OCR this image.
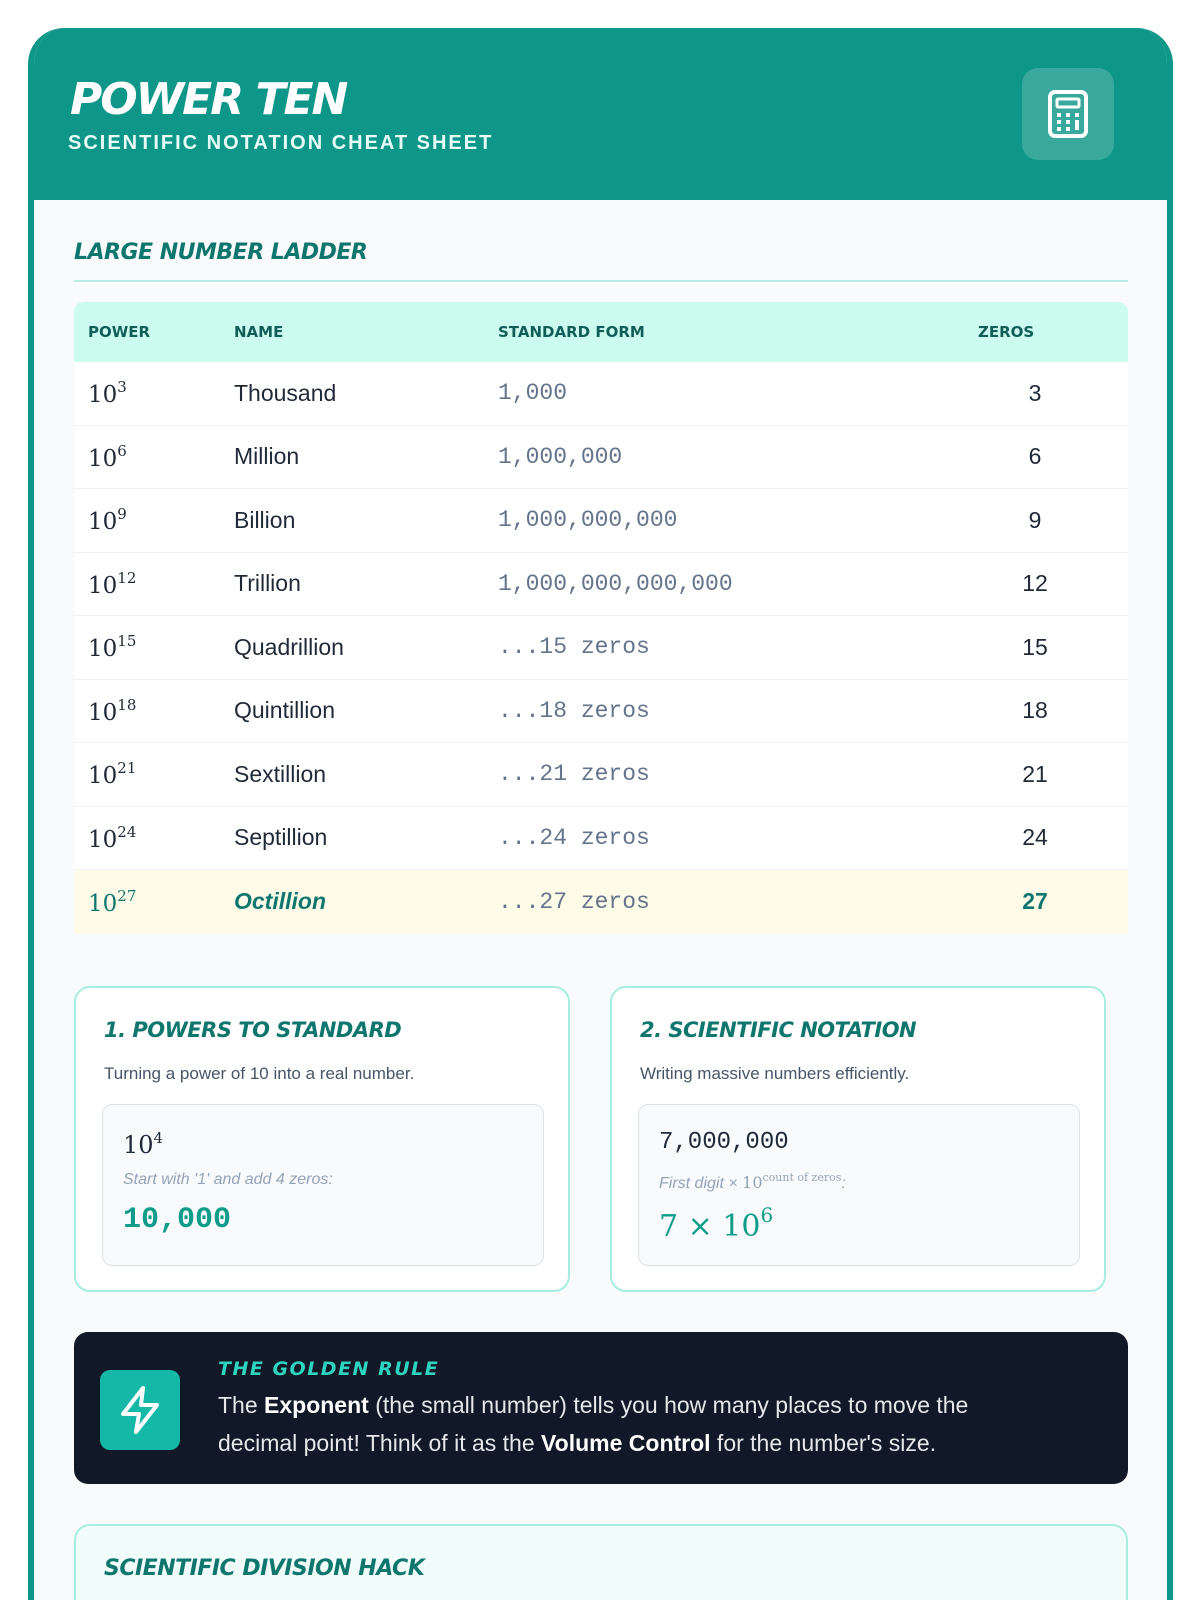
POWER TEN
SCIENTIFIC NOTATION CHEAT SHEET
LARGE NUMBER LADDER
POWER	NAME	STANDARD FORM	ZEROS
$10^3$	Thousand	1,000	3
$10^6$	Million	1,000,000	6
$10^9$	Billion	1,000,000,000	9
$10^{12}$	Trillion	1,000,000,000,000	12
$10^{15}$	Quadrillion	...15 zeros	15
$10^{18}$	Quintillion	...18 zeros	18
$10^{21}$	Sextillion	...21 zeros	21
$10^{24}$	Septillion	...24 zeros	24
$10^{27}$	Octillion	...27 zeros	27
1. POWERS TO STANDARD
Turning a power of 10 into a real number.
$10^4$
Start with '1' and add 4 zeros:
10,000
2. SCIENTIFIC NOTATION
Writing massive numbers efficiently.
7,000,000
First digit × $10^{count of zeros}$:
$7 \times 10^6$
THE GOLDEN RULE
The Exponent (the small number) tells you how many places to move the decimal point! Think of it as the Volume Control for the number's size.
SCIENTIFIC DIVISION HACK
